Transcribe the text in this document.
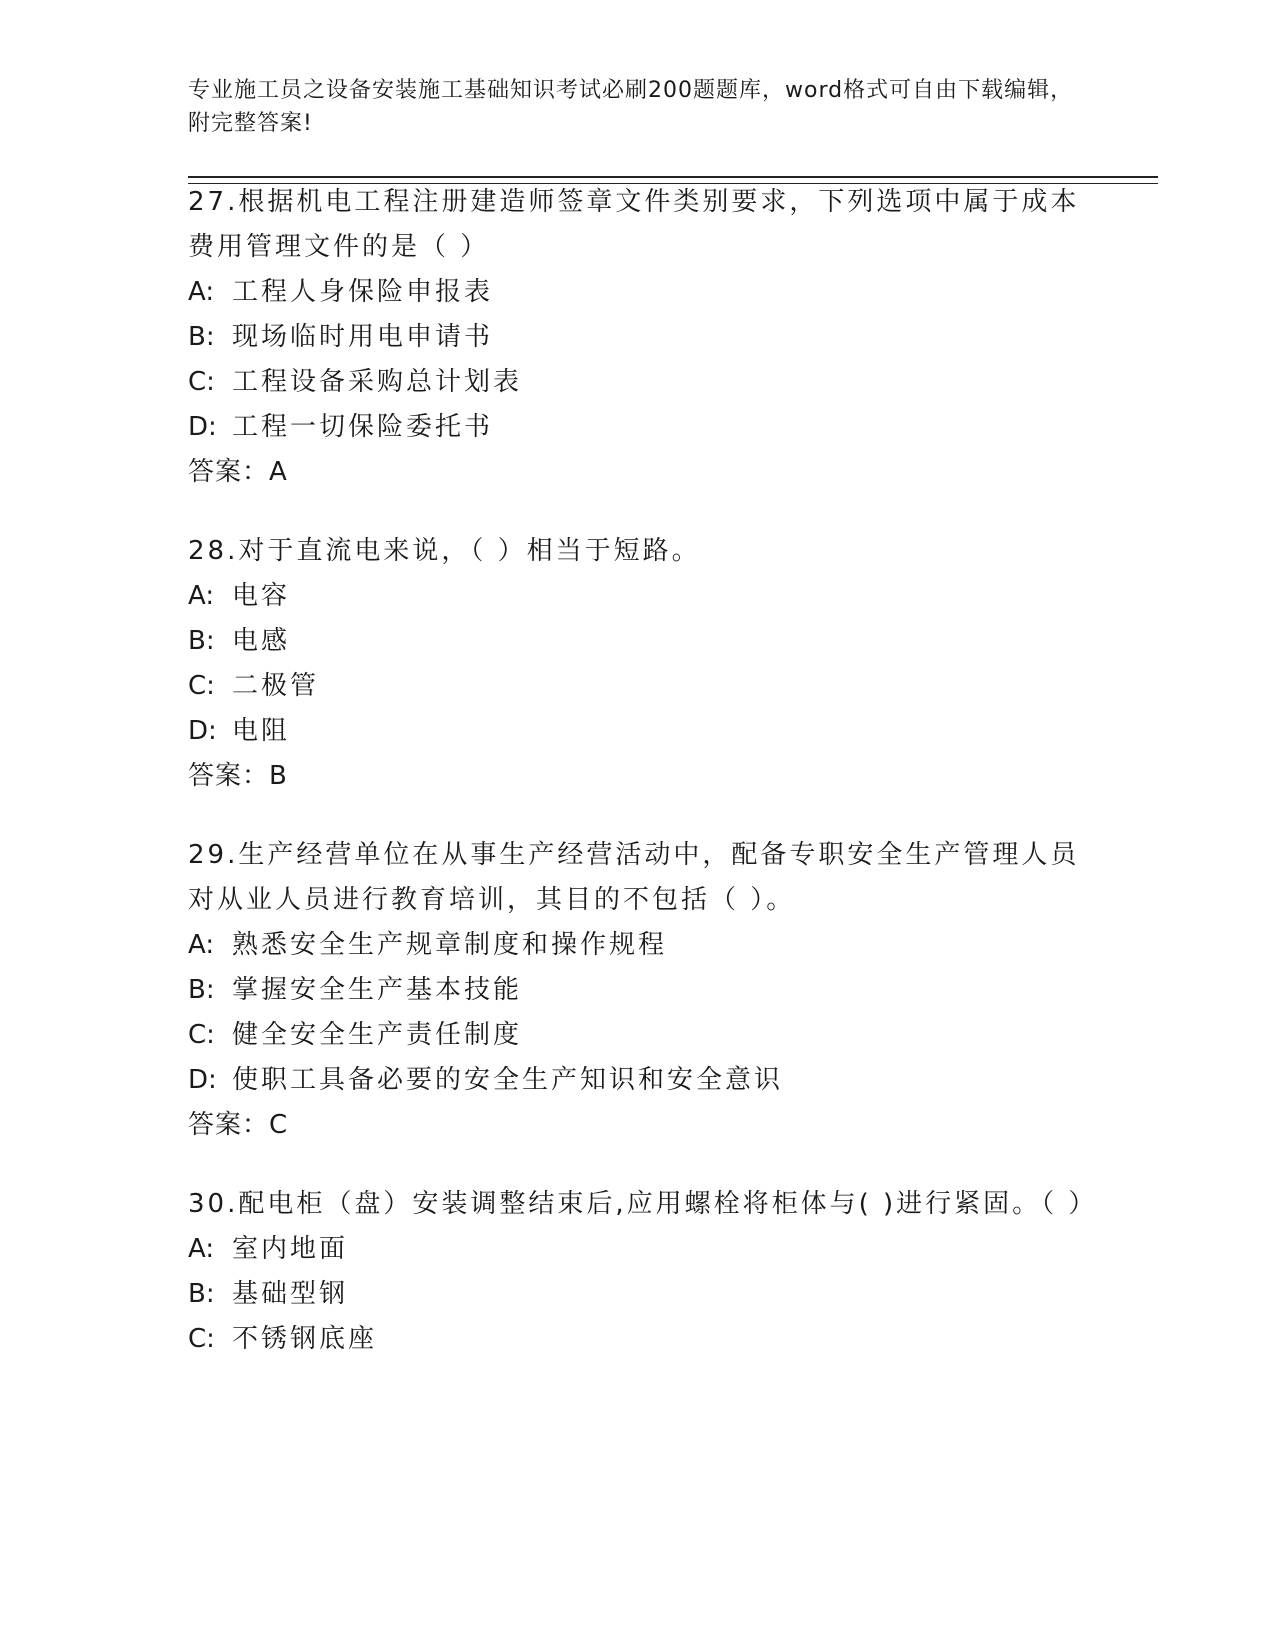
专业施工员之设备安装施工基础知识考试必刷200题题库，word格式可自由下载编辑，附完整答案!

27.根据机电工程注册建造师签章文件类别要求，下列选项中属于成本费用管理文件的是（ ）

A: 工程人身保险申报表

B: 现场临时用电申请书

C: 工程设备采购总计划表

D: 工程一切保险委托书

答案：A

28.对于直流电来说，（ ）相当于短路。

A: 电容

B: 电感

C: 二极管

D: 电阻

答案：B

29.生产经营单位在从事生产经营活动中，配备专职安全生产管理人员对从业人员进行教育培训，其目的不包括（ ）。

A: 熟悉安全生产规章制度和操作规程

B: 掌握安全生产基本技能

C: 健全安全生产责任制度

D: 使职工具备必要的安全生产知识和安全意识

答案：C

30.配电柜（盘）安装调整结束后,应用螺栓将柜体与( )进行紧固。（ ）

A: 室内地面

B: 基础型钢

C: 不锈钢底座
